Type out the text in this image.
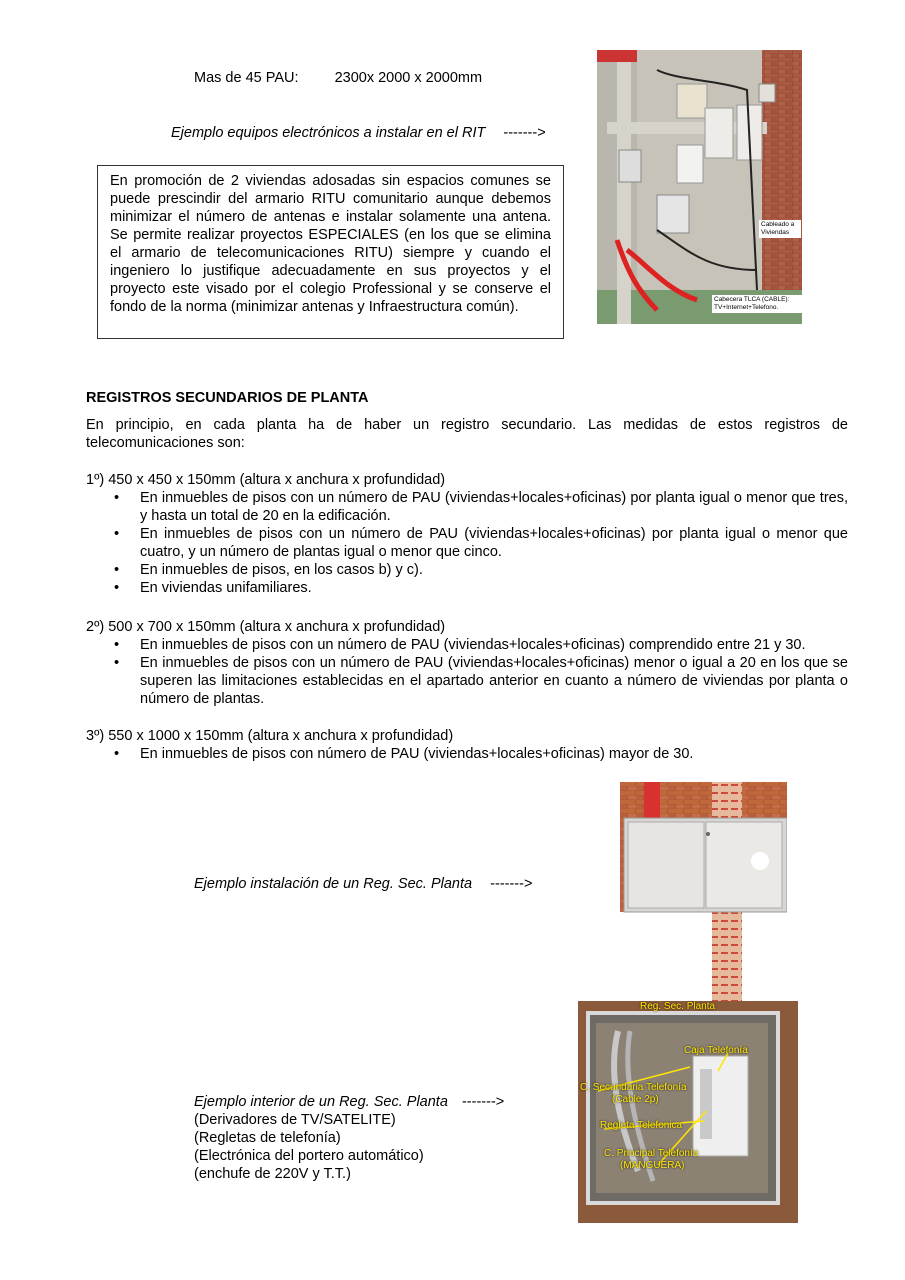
Mas de 45 PAU: 2300x 2000 x 2000mm
Ejemplo equipos electrónicos a instalar en el RIT ------->
En promoción de 2 viviendas adosadas sin espacios comunes se puede prescindir del armario RITU comunitario aunque debemos minimizar el número de antenas e instalar solamente una antena. Se permite realizar proyectos ESPECIALES (en los que se elimina el armario de telecomunicaciones RITU) siempre y cuando el ingeniero lo justifique adecuadamente en sus proyectos y el proyecto este visado por el colegio Professional y se conserve el fondo de la norma (minimizar antenas y Infraestructura común).
Cableado a Viviendas
Cabecera TLCA (CABLE): TV+Internet+Telefono.
REGISTROS SECUNDARIOS DE PLANTA
En principio, en cada planta ha de haber un registro secundario. Las medidas de estos registros de telecomunicaciones son:
1º) 450 x 450 x 150mm (altura x anchura x profundidad)
• En inmuebles de pisos con un número de PAU (viviendas+locales+oficinas) por planta igual o menor que tres, y hasta un total de 20 en la edificación.
• En inmuebles de pisos con un número de PAU (viviendas+locales+oficinas) por planta igual o menor que cuatro, y un número de plantas igual o menor que cinco.
• En inmuebles de pisos, en los casos b) y c).
• En viviendas unifamiliares.
2º) 500 x 700 x 150mm (altura x anchura x profundidad)
• En inmuebles de pisos con un número de PAU (viviendas+locales+oficinas) comprendido entre 21 y 30.
• En inmuebles de pisos con un número de PAU (viviendas+locales+oficinas) menor o igual a 20 en los que se superen las limitaciones establecidas en el apartado anterior en cuanto a número de viviendas por planta o número de plantas.
3º) 550 x 1000 x 150mm (altura x anchura x profundidad)
• En inmuebles de pisos con número de PAU (viviendas+locales+oficinas) mayor de 30.
Ejemplo instalación de un Reg. Sec. Planta ------->
Ejemplo interior de un Reg. Sec. Planta ------->
(Derivadores de TV/SATELITE)
(Regletas de telefonía)
(Electrónica del portero automático)
(enchufe de 220V y T.T.)
Reg. Sec. Planta
Caja Telefonía
C. Secundaria Telefonía
(Cable 2p)
Regleta Telefonica
C. Principal Telefonía
(MANGUERA)
